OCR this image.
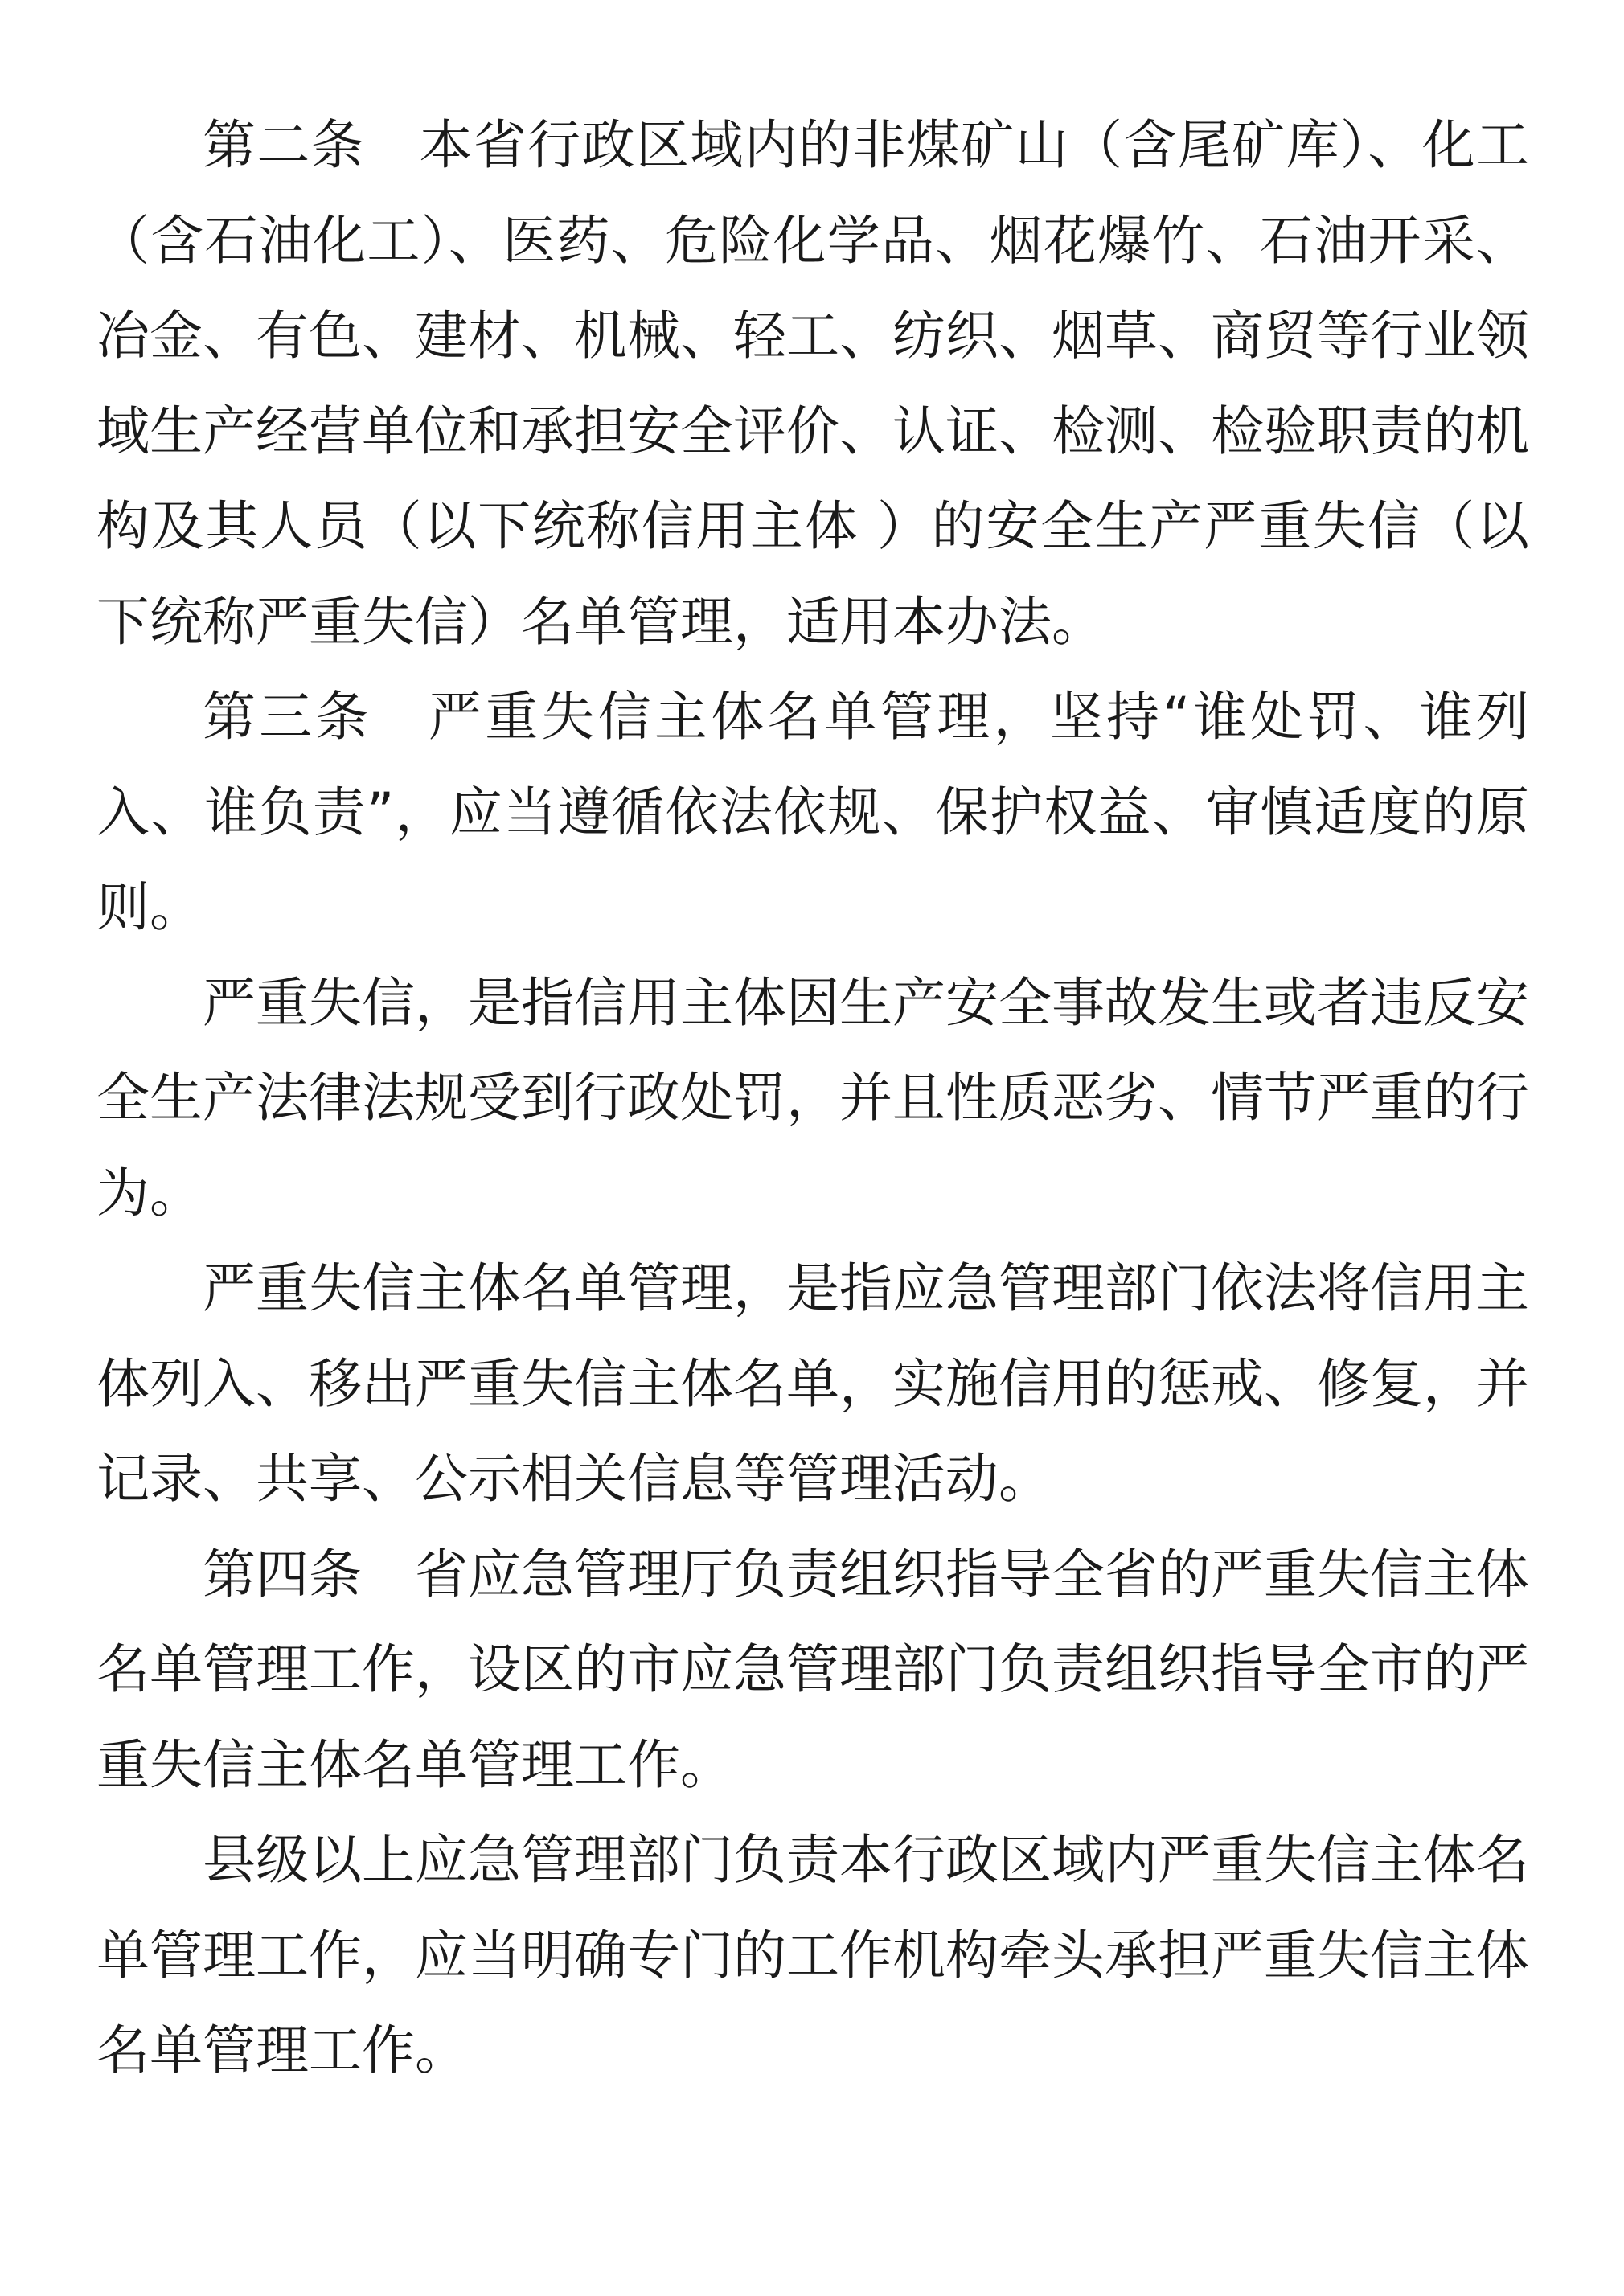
第二条　本省行政区域内的非煤矿山（含尾矿库）、化工
（含石油化工）、医药、危险化学品、烟花爆竹、石油开采、
冶金、有色、建材、机械、轻工、纺织、烟草、商贸等行业领
域生产经营单位和承担安全评价、认证、检测、检验职责的机
构及其人员（以下统称信用主体 ）的安全生产严重失信（以
下统称严重失信）名单管理，适用本办法。
第三条　严重失信主体名单管理，坚持“谁处罚、谁列
入、谁负责”，应当遵循依法依规、保护权益、审慎适度的原
则。
严重失信，是指信用主体因生产安全事故发生或者违反安
全生产法律法规受到行政处罚，并且性质恶劣、情节严重的行
为。
严重失信主体名单管理，是指应急管理部门依法将信用主
体列入、移出严重失信主体名单，实施信用的惩戒、修复，并
记录、共享、公示相关信息等管理活动。
第四条　省应急管理厅负责组织指导全省的严重失信主体
名单管理工作，设区的市应急管理部门负责组织指导全市的严
重失信主体名单管理工作。
县级以上应急管理部门负责本行政区域内严重失信主体名
单管理工作，应当明确专门的工作机构牵头承担严重失信主体
名单管理工作。
